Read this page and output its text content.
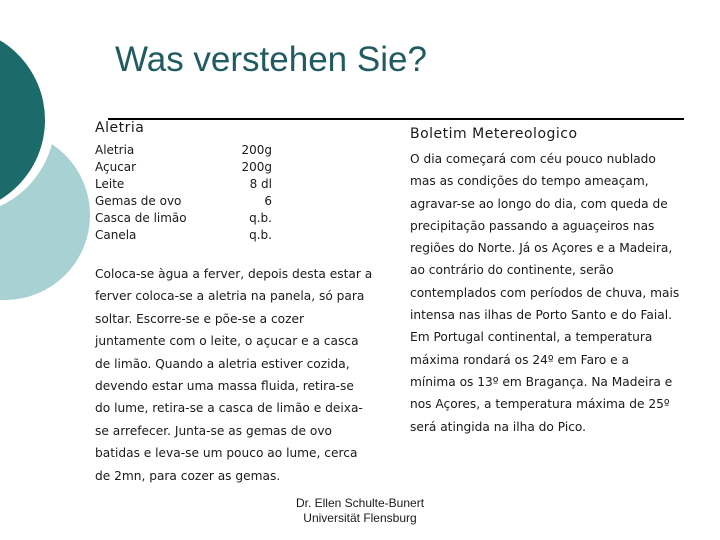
Was verstehen Sie?
Aletria
Aletria
Açucar
Leite
Gemas de ovo
Casca de limão
Canela
200g
200g
8 dl
6
q.b.
q.b.
Coloca-se àgua a ferver, depois desta estar a
ferver coloca-se a aletria na panela, só para
soltar. Escorre-se e põe-se a cozer
juntamente com o leite, o açucar e a casca
de limão. Quando a aletria estiver cozida,
devendo estar uma massa fluida, retira-se
do lume, retira-se a casca de limão e deixa-
se arrefecer. Junta-se as gemas de ovo
batidas e leva-se um pouco ao lume, cerca
de 2mn, para cozer as gemas.
Boletim Metereologico
O dia começará com céu pouco nublado
mas as condições do tempo ameaçam,
agravar-se ao longo do dia, com queda de
precipitação passando a aguaçeiros nas
regiões do Norte. Já os Açores e a Madeira,
ao contrário do continente, serão
contemplados com períodos de chuva, mais
intensa nas ilhas de Porto Santo e do Faial.
Em Portugal continental, a temperatura
máxima rondará os 24º em Faro e a
mínima os 13º em Bragança. Na Madeira e
nos Açores, a temperatura máxima de 25º
será atingida na ilha do Pico.
Dr. Ellen Schulte-Bunert
Universität Flensburg
